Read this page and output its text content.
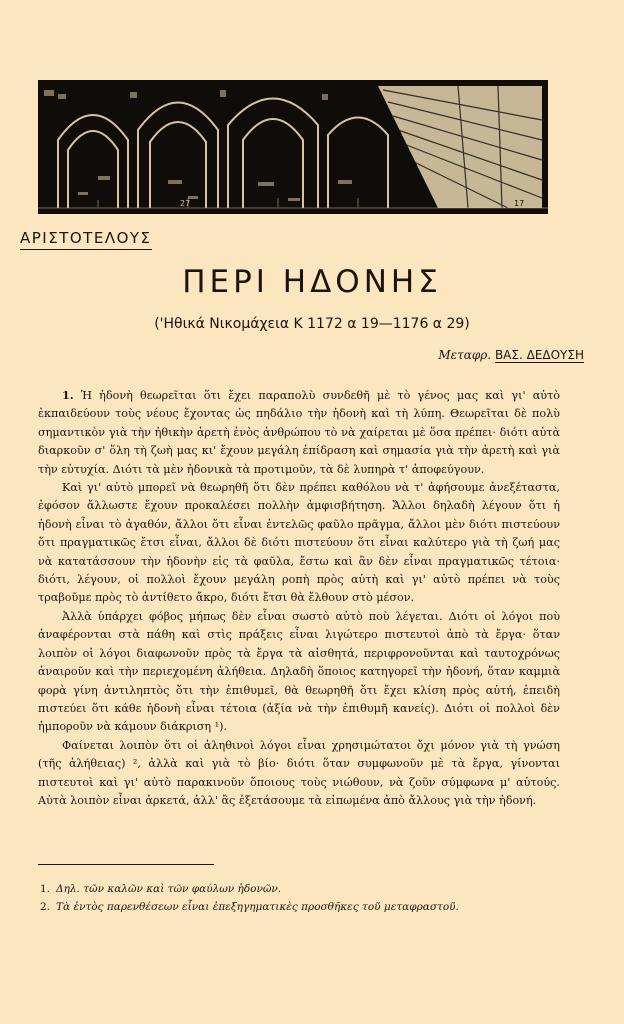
27	17
ΑΡΙΣΤΟΤΕΛΟΥΣ
ΠΕΡΙ ΗΔΟΝΗΣ
('Ηθικά Νικομάχεια Κ 1172 α 19—1176 α 29)
Μεταφρ. ΒΑΣ. ΔΕΔΟΥΣΗ

1. Ἡ ἡδονὴ θεωρεῖται ὅτι ἔχει παραπολὺ συνδεθῆ μὲ τὸ γένος μας καὶ γι' αὐτὸ ἐκπαιδεύουν τοὺς νέους ἔχοντας ὡς πηδάλιο τὴν ἡδονὴ καὶ τὴ λύπη. Θεωρεῖται δὲ πολὺ σημαντικὸν γιὰ τὴν ἠθικὴν ἀρετὴ ἑνὸς ἀνθρώπου τὸ νὰ χαίρεται μὲ ὅσα πρέπει· διότι αὐτὰ διαρκοῦν σ' ὅλη τὴ ζωὴ μας κι' ἔχουν μεγάλη ἐπίδραση καὶ σημασία γιὰ τὴν ἀρετὴ καὶ γιὰ τὴν εὐτυχία. Διότι τὰ μὲν ἡδονικὰ τὰ προτιμοῦν, τὰ δὲ λυπηρὰ τ' ἀποφεύγουν.

Καὶ γι' αὐτὸ μπορεῖ νὰ θεωρηθῆ ὅτι δὲν πρέπει καθόλου νὰ τ' ἀφήσουμε ἀνεξέταστα, ἐφόσον ἄλλωστε ἔχουν προκαλέσει πολλὴν ἀμφισβήτηση. Ἄλλοι δηλαδὴ λέγουν ὅτι ἡ ἡδονὴ εἶναι τὸ ἀγαθόν, ἄλλοι ὅτι εἶναι ἐντελῶς φαῦλο πρᾶγμα, ἄλλοι μὲν διότι πιστεύουν ὅτι πραγματικῶς ἔτσι εἶναι, ἄλλοι δὲ διότι πιστεύουν ὅτι εἶναι καλύτερο γιὰ τὴ ζωή μας νὰ κατατάσσουν τὴν ἡδονὴν εἰς τὰ φαῦλα, ἔστω καὶ ἂν δὲν εἶναι πραγματικῶς τέτοια· διότι, λέγουν, οἱ πολλοὶ ἔχουν μεγάλη ροπὴ πρὸς αὐτὴ καὶ γι' αὐτὸ πρέπει νὰ τοὺς τραβοῦμε πρὸς τὸ ἀντίθετο ἄκρο, διότι ἔτσι θὰ ἔλθουν στὸ μέσον.

Ἀλλὰ ὑπάρχει φόβος μήπως δὲν εἶναι σωστὸ αὐτὸ ποὺ λέγεται. Διότι οἱ λόγοι ποὺ ἀναφέρονται στὰ πάθη καὶ στὶς πράξεις εἶναι λιγώτερο πιστευτοὶ ἀπὸ τὰ ἔργα· ὅταν λοιπὸν οἱ λόγοι διαφωνοῦν πρὸς τὰ ἔργα τὰ αἰσθητά, περιφρονοῦνται καὶ ταυτοχρόνως ἀναιροῦν καὶ τὴν περιεχομένη ἀλήθεια. Δηλαδὴ ὅποιος κατηγορεῖ τὴν ἡδονή, ὅταν καμμιὰ φορὰ γίνη ἀντιληπτὸς ὅτι τὴν ἐπιθυμεῖ, θὰ θεωρηθῆ ὅτι ἔχει κλίση πρὸς αὐτή, ἐπειδὴ πιστεύει ὅτι κάθε ἡδονὴ εἶναι τέτοια (ἀξία νὰ τὴν ἐπιθυμῆ κανείς). Διότι οἱ πολλοὶ δὲν ἠμποροῦν νὰ κάμουν διάκριση ¹).

Φαίνεται λοιπὸν ὅτι οἱ ἀληθινοὶ λόγοι εἶναι χρησιμώτατοι ὄχι μόνον γιὰ τὴ γνώση (τῆς ἀλήθειας) ², ἀλλὰ καὶ γιὰ τὸ βίο· διότι ὅταν συμφωνοῦν μὲ τὰ ἔργα, γίνονται πιστευτοὶ καὶ γι' αὐτὸ παρακινοῦν ὅποιους τοὺς νιώθουν, νὰ ζοῦν σύμφωνα μ' αὐτούς. Αὐτὰ λοιπὸν εἶναι ἀρκετά, ἀλλ' ἂς ἐξετάσουμε τὰ εἰπωμένα ἀπὸ ἄλλους γιὰ τὴν ἡδονή.

1. Δηλ. τῶν καλῶν καὶ τῶν φαύλων ἡδονῶν.
2. Τὰ ἐντὸς παρενθέσεων εἶναι ἐπεξηγηματικὲς προσθῆκες τοῦ μεταφραστοῦ.
